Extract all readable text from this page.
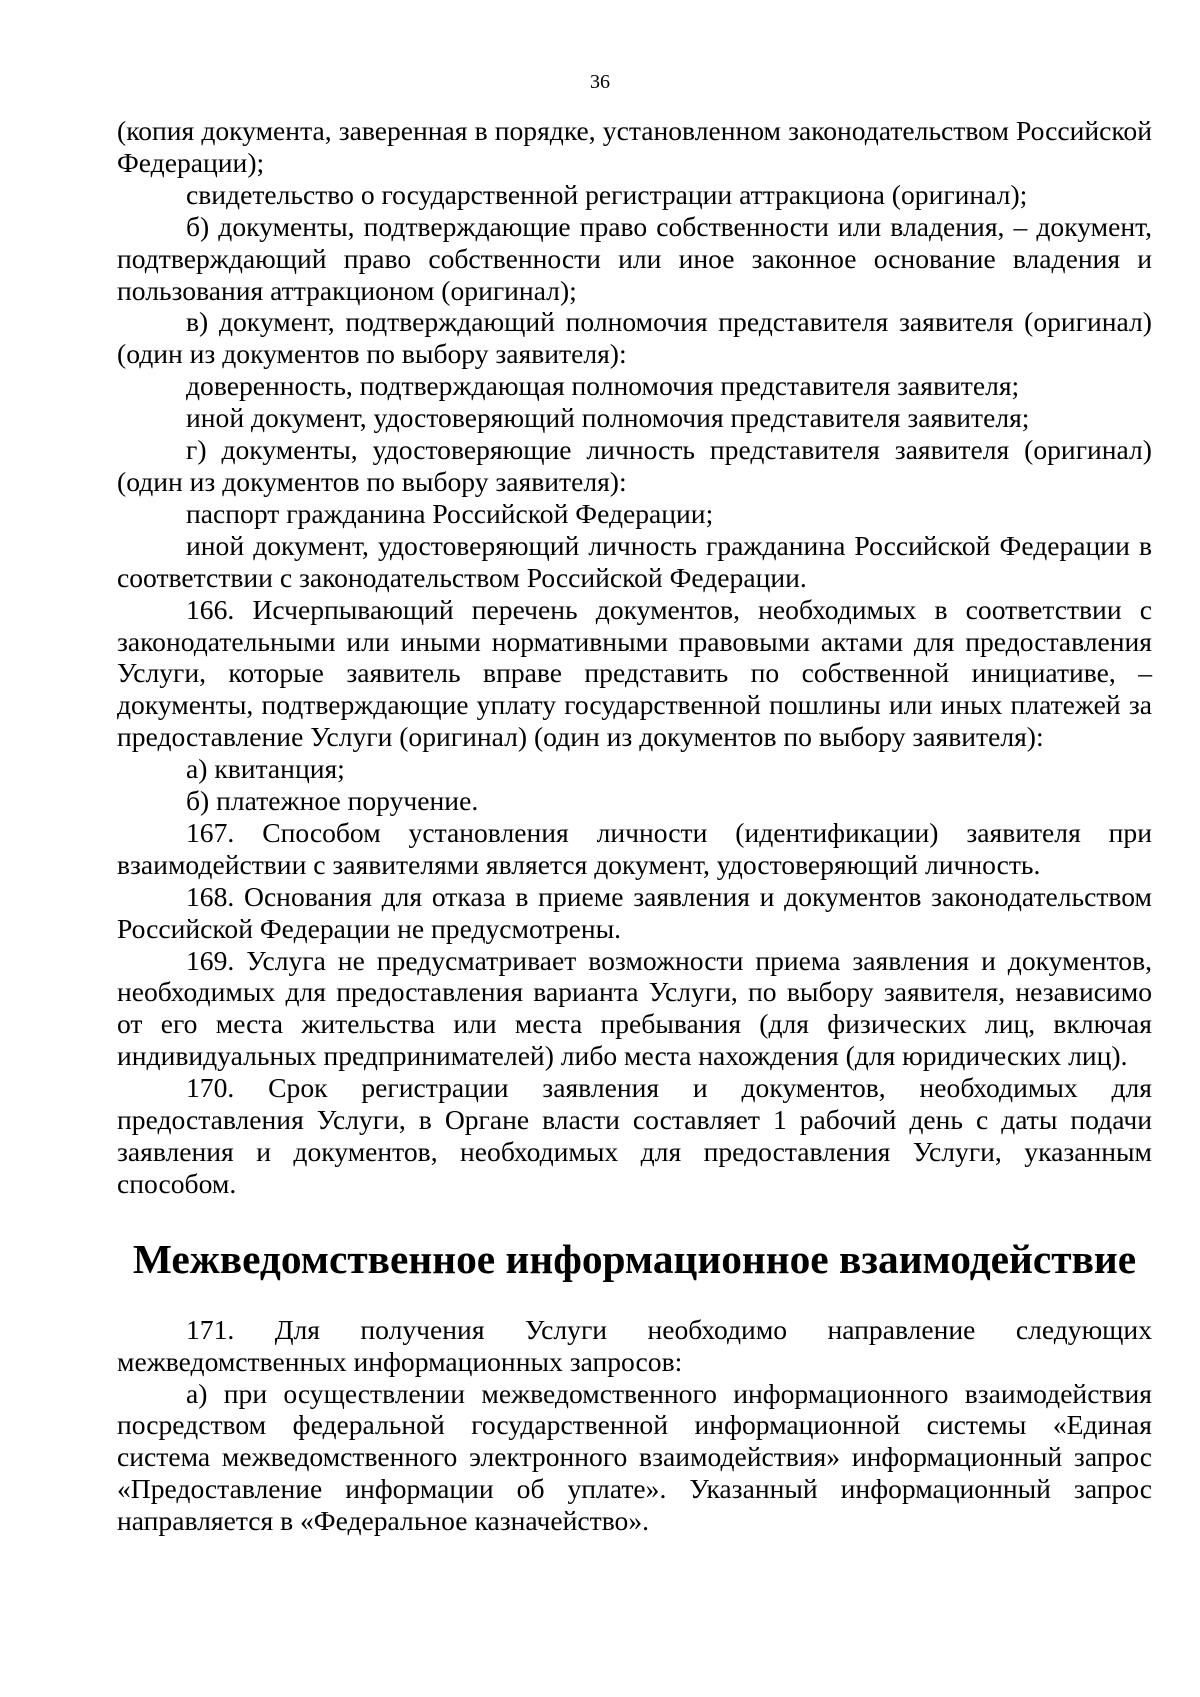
36

(копия документа, заверенная в порядке, установленном законодательством Российской Федерации);

свидетельство о государственной регистрации аттракциона (оригинал);

б) документы, подтверждающие право собственности или владения, – документ, подтверждающий право собственности или иное законное основание владения и пользования аттракционом (оригинал);

в) документ, подтверждающий полномочия представителя заявителя (оригинал) (один из документов по выбору заявителя):

доверенность, подтверждающая полномочия представителя заявителя;

иной документ, удостоверяющий полномочия представителя заявителя;

г) документы, удостоверяющие личность представителя заявителя (оригинал) (один из документов по выбору заявителя):

паспорт гражданина Российской Федерации;

иной документ, удостоверяющий личность гражданина Российской Федерации в соответствии с законодательством Российской Федерации.

166. Исчерпывающий перечень документов, необходимых в соответствии с законодательными или иными нормативными правовыми актами для предоставления Услуги, которые заявитель вправе представить по собственной инициативе, – документы, подтверждающие уплату государственной пошлины или иных платежей за предоставление Услуги (оригинал) (один из документов по выбору заявителя):

а) квитанция;

б) платежное поручение.

167. Способом установления личности (идентификации) заявителя при взаимодействии с заявителями является документ, удостоверяющий личность.

168. Основания для отказа в приеме заявления и документов законодательством Российской Федерации не предусмотрены.

169. Услуга не предусматривает возможности приема заявления и документов, необходимых для предоставления варианта Услуги, по выбору заявителя, независимо от его места жительства или места пребывания (для физических лиц, включая индивидуальных предпринимателей) либо места нахождения (для юридических лиц).

170. Срок регистрации заявления и документов, необходимых для предоставления Услуги, в Органе власти составляет 1 рабочий день с даты подачи заявления и документов, необходимых для предоставления Услуги, указанным способом.

Межведомственное информационное взаимодействие

171. Для получения Услуги необходимо направление следующих межведомственных информационных запросов:

а) при осуществлении межведомственного информационного взаимодействия посредством федеральной государственной информационной системы «Единая система межведомственного электронного взаимодействия» информационный запрос «Предоставление информации об уплате». Указанный информационный запрос направляется в «Федеральное казначейство».
